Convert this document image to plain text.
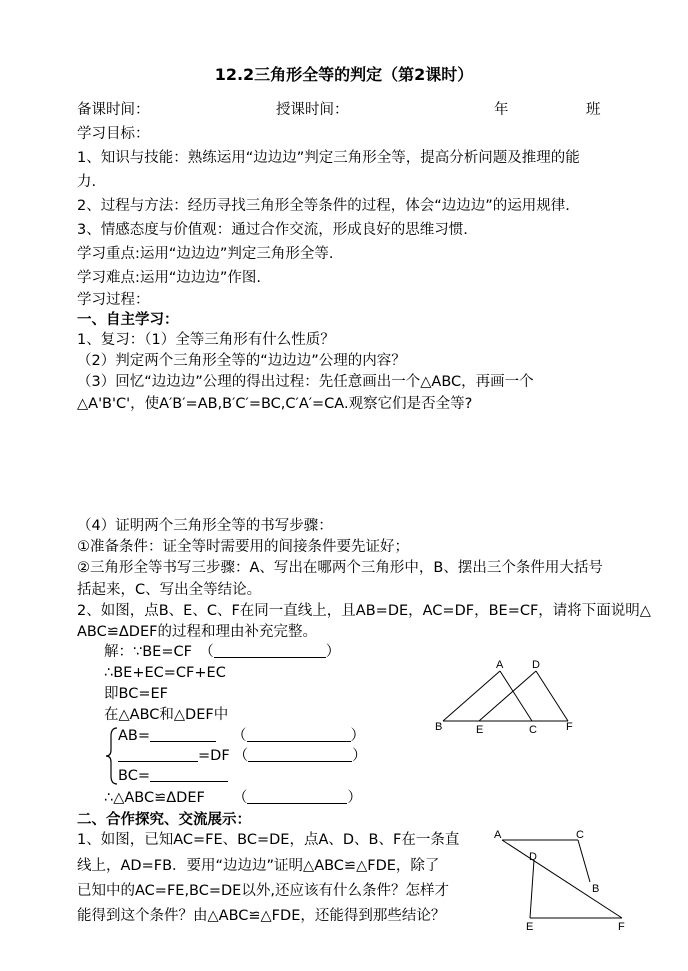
12.2三角形全等的判定（第2课时）
备课时间：	授课时间：	年	班
学习目标：
1、知识与技能：熟练运用“边边边”判定三角形全等，提高分析问题及推理的能
力.
2、过程与方法：经历寻找三角形全等条件的过程，体会“边边边”的运用规律.
3、情感态度与价值观：通过合作交流，形成良好的思维习惯.
学习重点:运用“边边边”判定三角形全等.
学习难点:运用“边边边”作图.
学习过程：
一、自主学习：
1、复习：（1）全等三角形有什么性质？
（2）判定两个三角形全等的“边边边”公理的内容？
（3）回忆“边边边”公理的得出过程：先任意画出一个△ABC，再画一个
△A'B'C'，使A′B′=AB,B′C′=BC,C′A′=CA.观察它们是否全等?
（4）证明两个三角形全等的书写步骤：
①准备条件：证全等时需要用的间接条件要先证好；
②三角形全等书写三步骤：A、写出在哪两个三角形中，B、摆出三个条件用大括号
括起来，C、写出全等结论。
2、如图，点B、E、C、F在同一直线上，且AB=DE，AC=DF，BE=CF，请将下面说明△
ABC≌ΔDEF的过程和理由补充完整。
解：∵BE=CF　（	）
∴BE+EC=CF+EC
即BC=EF
在△ABC和△DEF中
AB=	（	）
=DF （	）
BC=
∴△ABC≌ΔDEF （	）
A	D
B	E	C	F
二、合作探究、交流展示：
1、如图，已知AC=FE、BC=DE，点A、D、B、F在一条直
线上，AD=FB．要用“边边边”证明△ABC≌△FDE，除了
已知中的AC=FE,BC=DE以外,还应该有什么条件？怎样才
能得到这个条件？由△ABC≌△FDE，还能得到那些结论？
A	C
D
B
E	F
